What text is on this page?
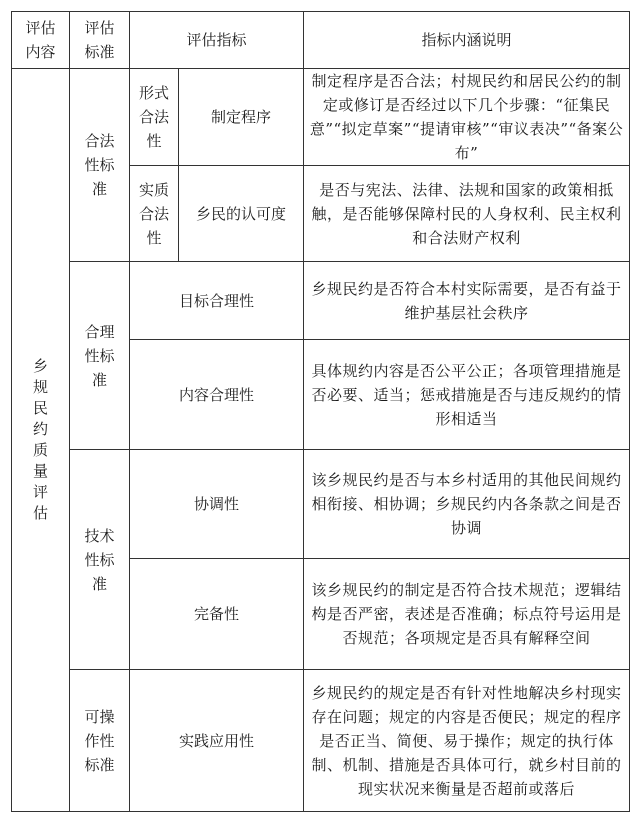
评估内容	评估标准	评估指标		指标内涵说明
乡规民约质量评估	合法性标准	形式合法性	制定程序	制定程序是否合法；村规民约和居民公约的制定或修订是否经过以下几个步骤：“征集民意”“拟定草案”“提请审核”“审议表决”“备案公布”
		实质合法性	乡民的认可度	是否与宪法、法律、法规和国家的政策相抵触，是否能够保障村民的人身权利、民主权利和合法财产权利
	合理性标准	目标合理性		乡规民约是否符合本村实际需要，是否有益于维护基层社会秩序
		内容合理性		具体规约内容是否公平公正；各项管理措施是否必要、适当；惩戒措施是否与违反规约的情形相适当
	技术性标准	协调性		该乡规民约是否与本乡村适用的其他民间规约相衔接、相协调；乡规民约内各条款之间是否协调
		完备性		该乡规民约的制定是否符合技术规范；逻辑结构是否严密，表述是否准确；标点符号运用是否规范；各项规定是否具有解释空间
	可操作性标准	实践应用性		乡规民约的规定是否有针对性地解决乡村现实存在问题；规定的内容是否便民；规定的程序是否正当、简便、易于操作；规定的执行体制、机制、措施是否具体可行，就乡村目前的现实状况来衡量是否超前或落后
